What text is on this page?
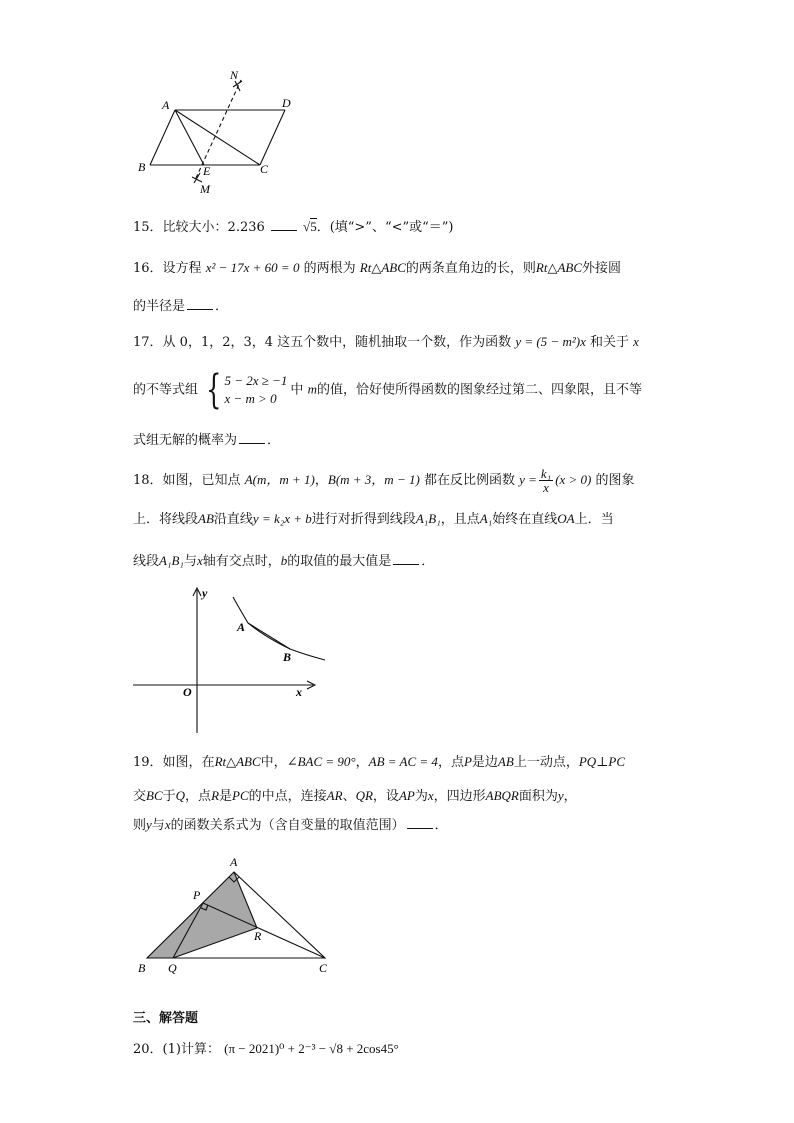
A	D
B	C
E
M
N
15．比较大小：2.236	√5．(填“>”、“<”或“＝”)
16．设方程 x² − 17x + 60 = 0 的两根为 Rt△ABC的两条直角边的长，则Rt△ABC外接圆
的半径是 ．
17．从 0，1，2，3，4 这五个数中，随机抽取一个数，作为函数 y = (5 − m²)x 和关于 x
的不等式组 { 5 − 2x ≥ −1
x − m > 0
中 m的值，恰好使所得函数的图象经过第二、四象限，且不等
式组无解的概率为 ．
18．如图，已知点 A(m，m + 1)，B(m + 3，m − 1) 都在反比例函数 $y = \frac{\text{k₁}}{x} (x > 0)$ 的图象
上．将线段AB沿直线y = k₂x + b进行对折得到线段A₁B₁，且点A₁始终在直线OA上．当
线段A₁B₁与x轴有交点时，b的取值的最大值是 ．
y
x
O
A
B
19．如图，在Rt△ABC中，∠BAC = 90°，AB = AC = 4，点P是边AB上一动点，PQ⊥PC
交BC于Q，点R是PC的中点，连接AR、QR，设AP为x，四边形ABQR面积为y，
则y与x的函数关系式为（含自变量的取值范围） ．
A
P
R
B Q	C
三、解答题
20．(1)计算： (π − 2021)⁰ + 2⁻³ − √8 + 2cos45°
